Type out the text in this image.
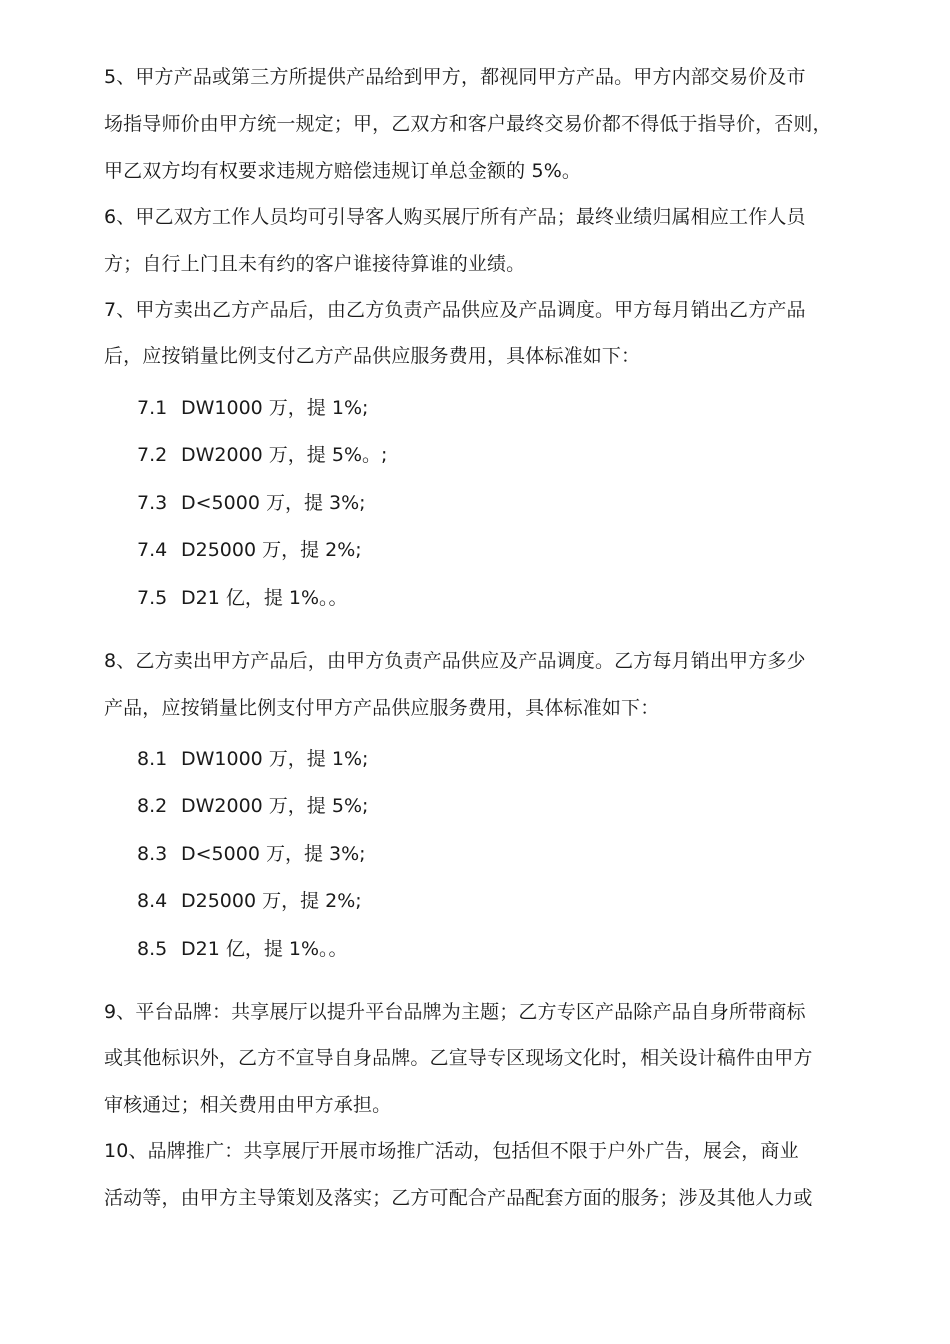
5、甲方产品或第三方所提供产品给到甲方，都视同甲方产品。甲方内部交易价及市
场指导师价由甲方统一规定；甲，乙双方和客户最终交易价都不得低于指导价，否则，
甲乙双方均有权要求违规方赔偿违规订单总金额的 5%。
6、甲乙双方工作人员均可引导客人购买展厅所有产品；最终业绩归属相应工作人员
方；自行上门且未有约的客户谁接待算谁的业绩。
7、甲方卖出乙方产品后，由乙方负责产品供应及产品调度。甲方每月销出乙方产品
后，应按销量比例支付乙方产品供应服务费用，具体标准如下：
7.1 DW1000 万，提 1%;
7.2 DW2000 万，提 5%。;
7.3 D<5000 万，提 3%;
7.4 D25000 万，提 2%;
7.5 D21 亿，提 1%。。
8、乙方卖出甲方产品后，由甲方负责产品供应及产品调度。乙方每月销出甲方多少
产品，应按销量比例支付甲方产品供应服务费用，具体标准如下：
8.1 DW1000 万，提 1%;
8.2 DW2000 万，提 5%;
8.3 D<5000 万，提 3%;
8.4 D25000 万，提 2%;
8.5 D21 亿，提 1%。。
9、平台品牌：共享展厅以提升平台品牌为主题；乙方专区产品除产品自身所带商标
或其他标识外，乙方不宣导自身品牌。乙宣导专区现场文化时，相关设计稿件由甲方
审核通过；相关费用由甲方承担。
10、品牌推广：共享展厅开展市场推广活动，包括但不限于户外广告，展会，商业
活动等，由甲方主导策划及落实；乙方可配合产品配套方面的服务；涉及其他人力或
